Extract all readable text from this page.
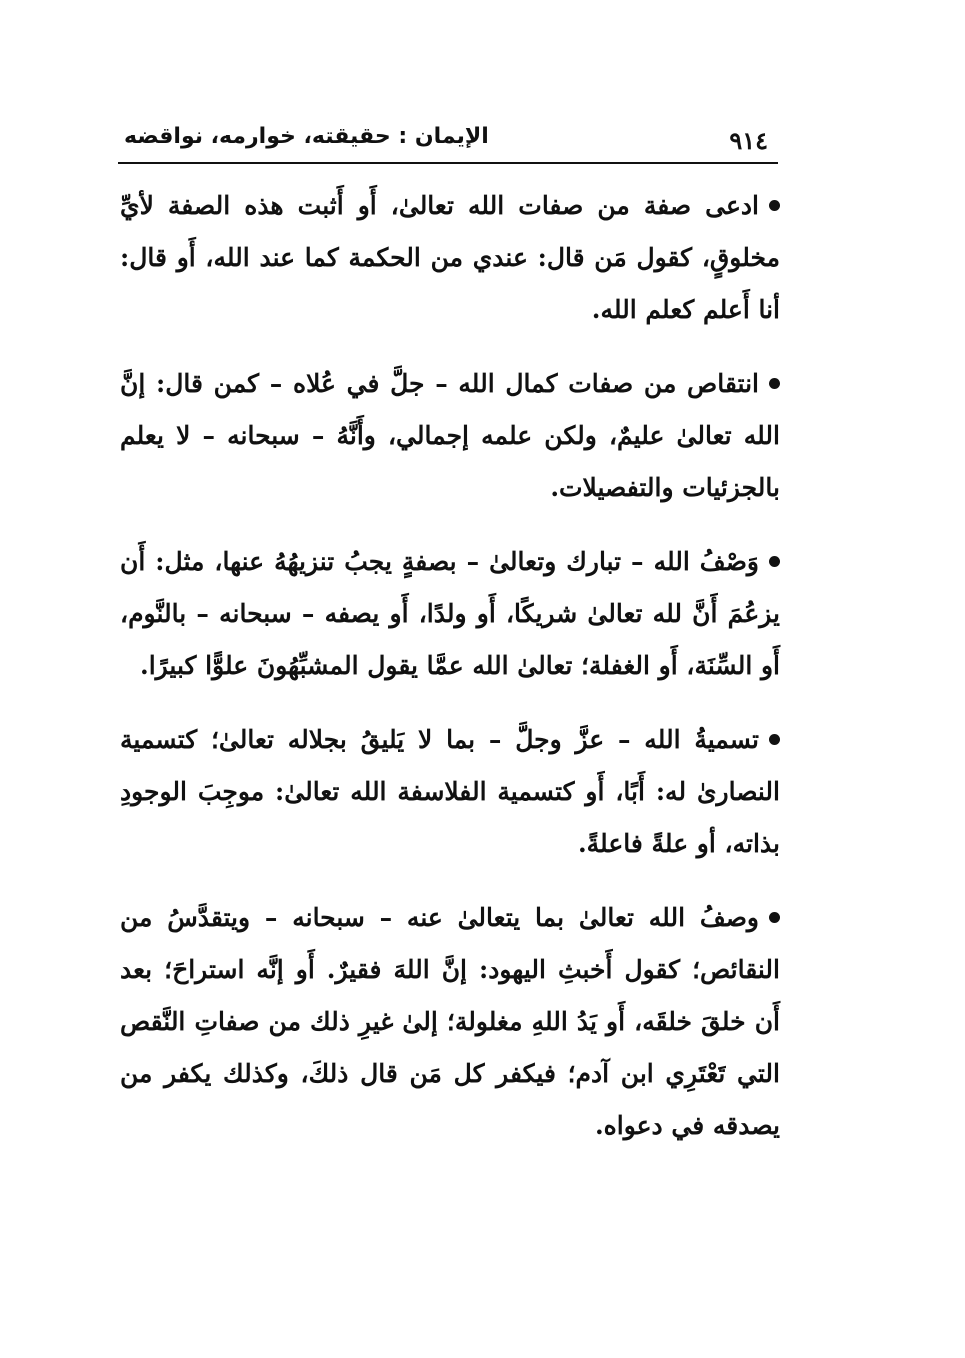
٩١٤
الإيمان : حقيقته، خوارمه، نواقضه

ادعى صفة من صفات الله تعالىٰ، أَو أَثبت هذه الصفة لأيِّ مخلوقٍ، كقول مَن قال: عندي من الحكمة كما عند الله، أَو قال: أنا أَعلم كعلم الله.

انتقاص من صفات كمال الله – جلَّ في عُلاه – كمن قال: إنَّ الله تعالىٰ عليمٌ، ولكن علمه إجمالي، وأَنَّهُ – سبحانه – لا يعلم بالجزئيات والتفصيلات.

وَصْفُ الله – تبارك وتعالىٰ – بصفةٍ يجبُ تنزيهُهُ عنها، مثل: أَن يزعُمَ أَنَّ لله تعالىٰ شريكًا، أَو ولدًا، أَو يصفه – سبحانه – بالنَّوم، أَو السِّنَة، أَو الغفلة؛ تعالىٰ الله عمَّا يقول المشبِّهُونَ علوًّا كبيرًا.

تسميةُ الله – عزَّ وجلَّ – بما لا يَليقُ بجلاله تعالىٰ؛ كتسمية النصارىٰ له: أَبًا، أَو كتسمية الفلاسفة الله تعالىٰ: موجِبَ الوجودِ بذاته، أو علةً فاعلةً.

وصفُ الله تعالىٰ بما يتعالىٰ عنه – سبحانه – ويتقدَّسُ من النقائص؛ كقول أَخبثِ اليهود: إنَّ اللهَ فقيرٌ. أَو إنَّه استراحَ؛ بعد أَن خلقَ خلقَه، أَو يَدُ اللهِ مغلولة؛ إلىٰ غيرِ ذلك من صفاتِ النَّقص التي تَعْتَرِي ابن آدم؛ فيكفر كل مَن قال ذلكَ، وكذلك يكفر من يصدقه في دعواه.
